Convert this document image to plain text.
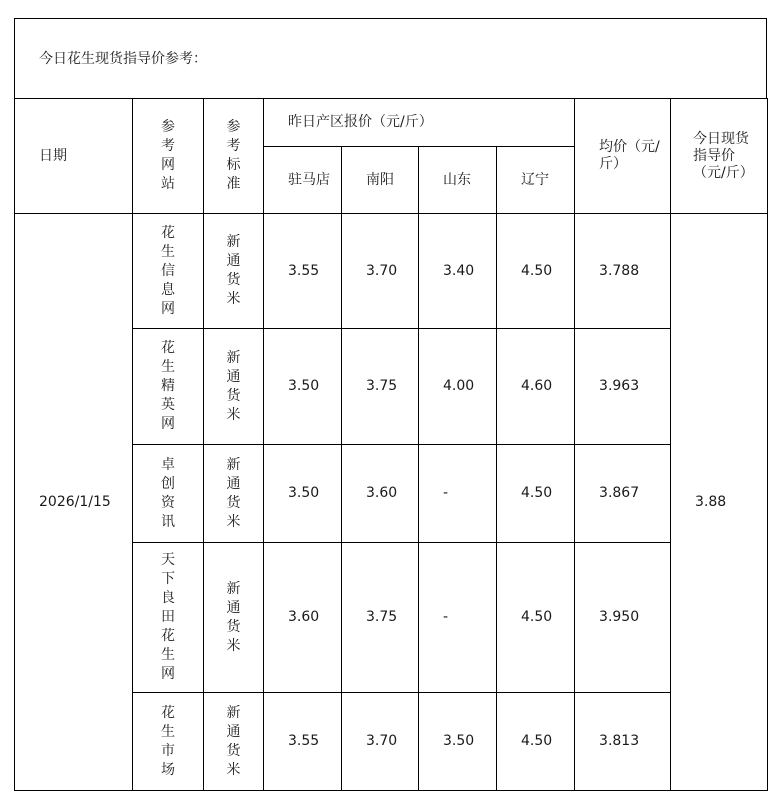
今日花生现货指导价参考：
日期	参考网站	参考标准	昨日产区报价（元/斤）				均价（元/斤）	今日现货指导价（元/斤）
			驻马店	南阳	山东	辽宁		
2026/1/15	花生信息网	新通货米	3.55	3.70	3.40	4.50	3.788	3.88

	花生精英网	新通货米	3.50	3.75	4.00	4.60	3.963	

	卓创资讯	新通货米	3.50	3.60	-	4.50	3.867	

	天下良田花生网	新通货米	3.60	3.75	-	4.50	3.950	

	花生市场	新通货米	3.55	3.70	3.50	4.50	3.813	
